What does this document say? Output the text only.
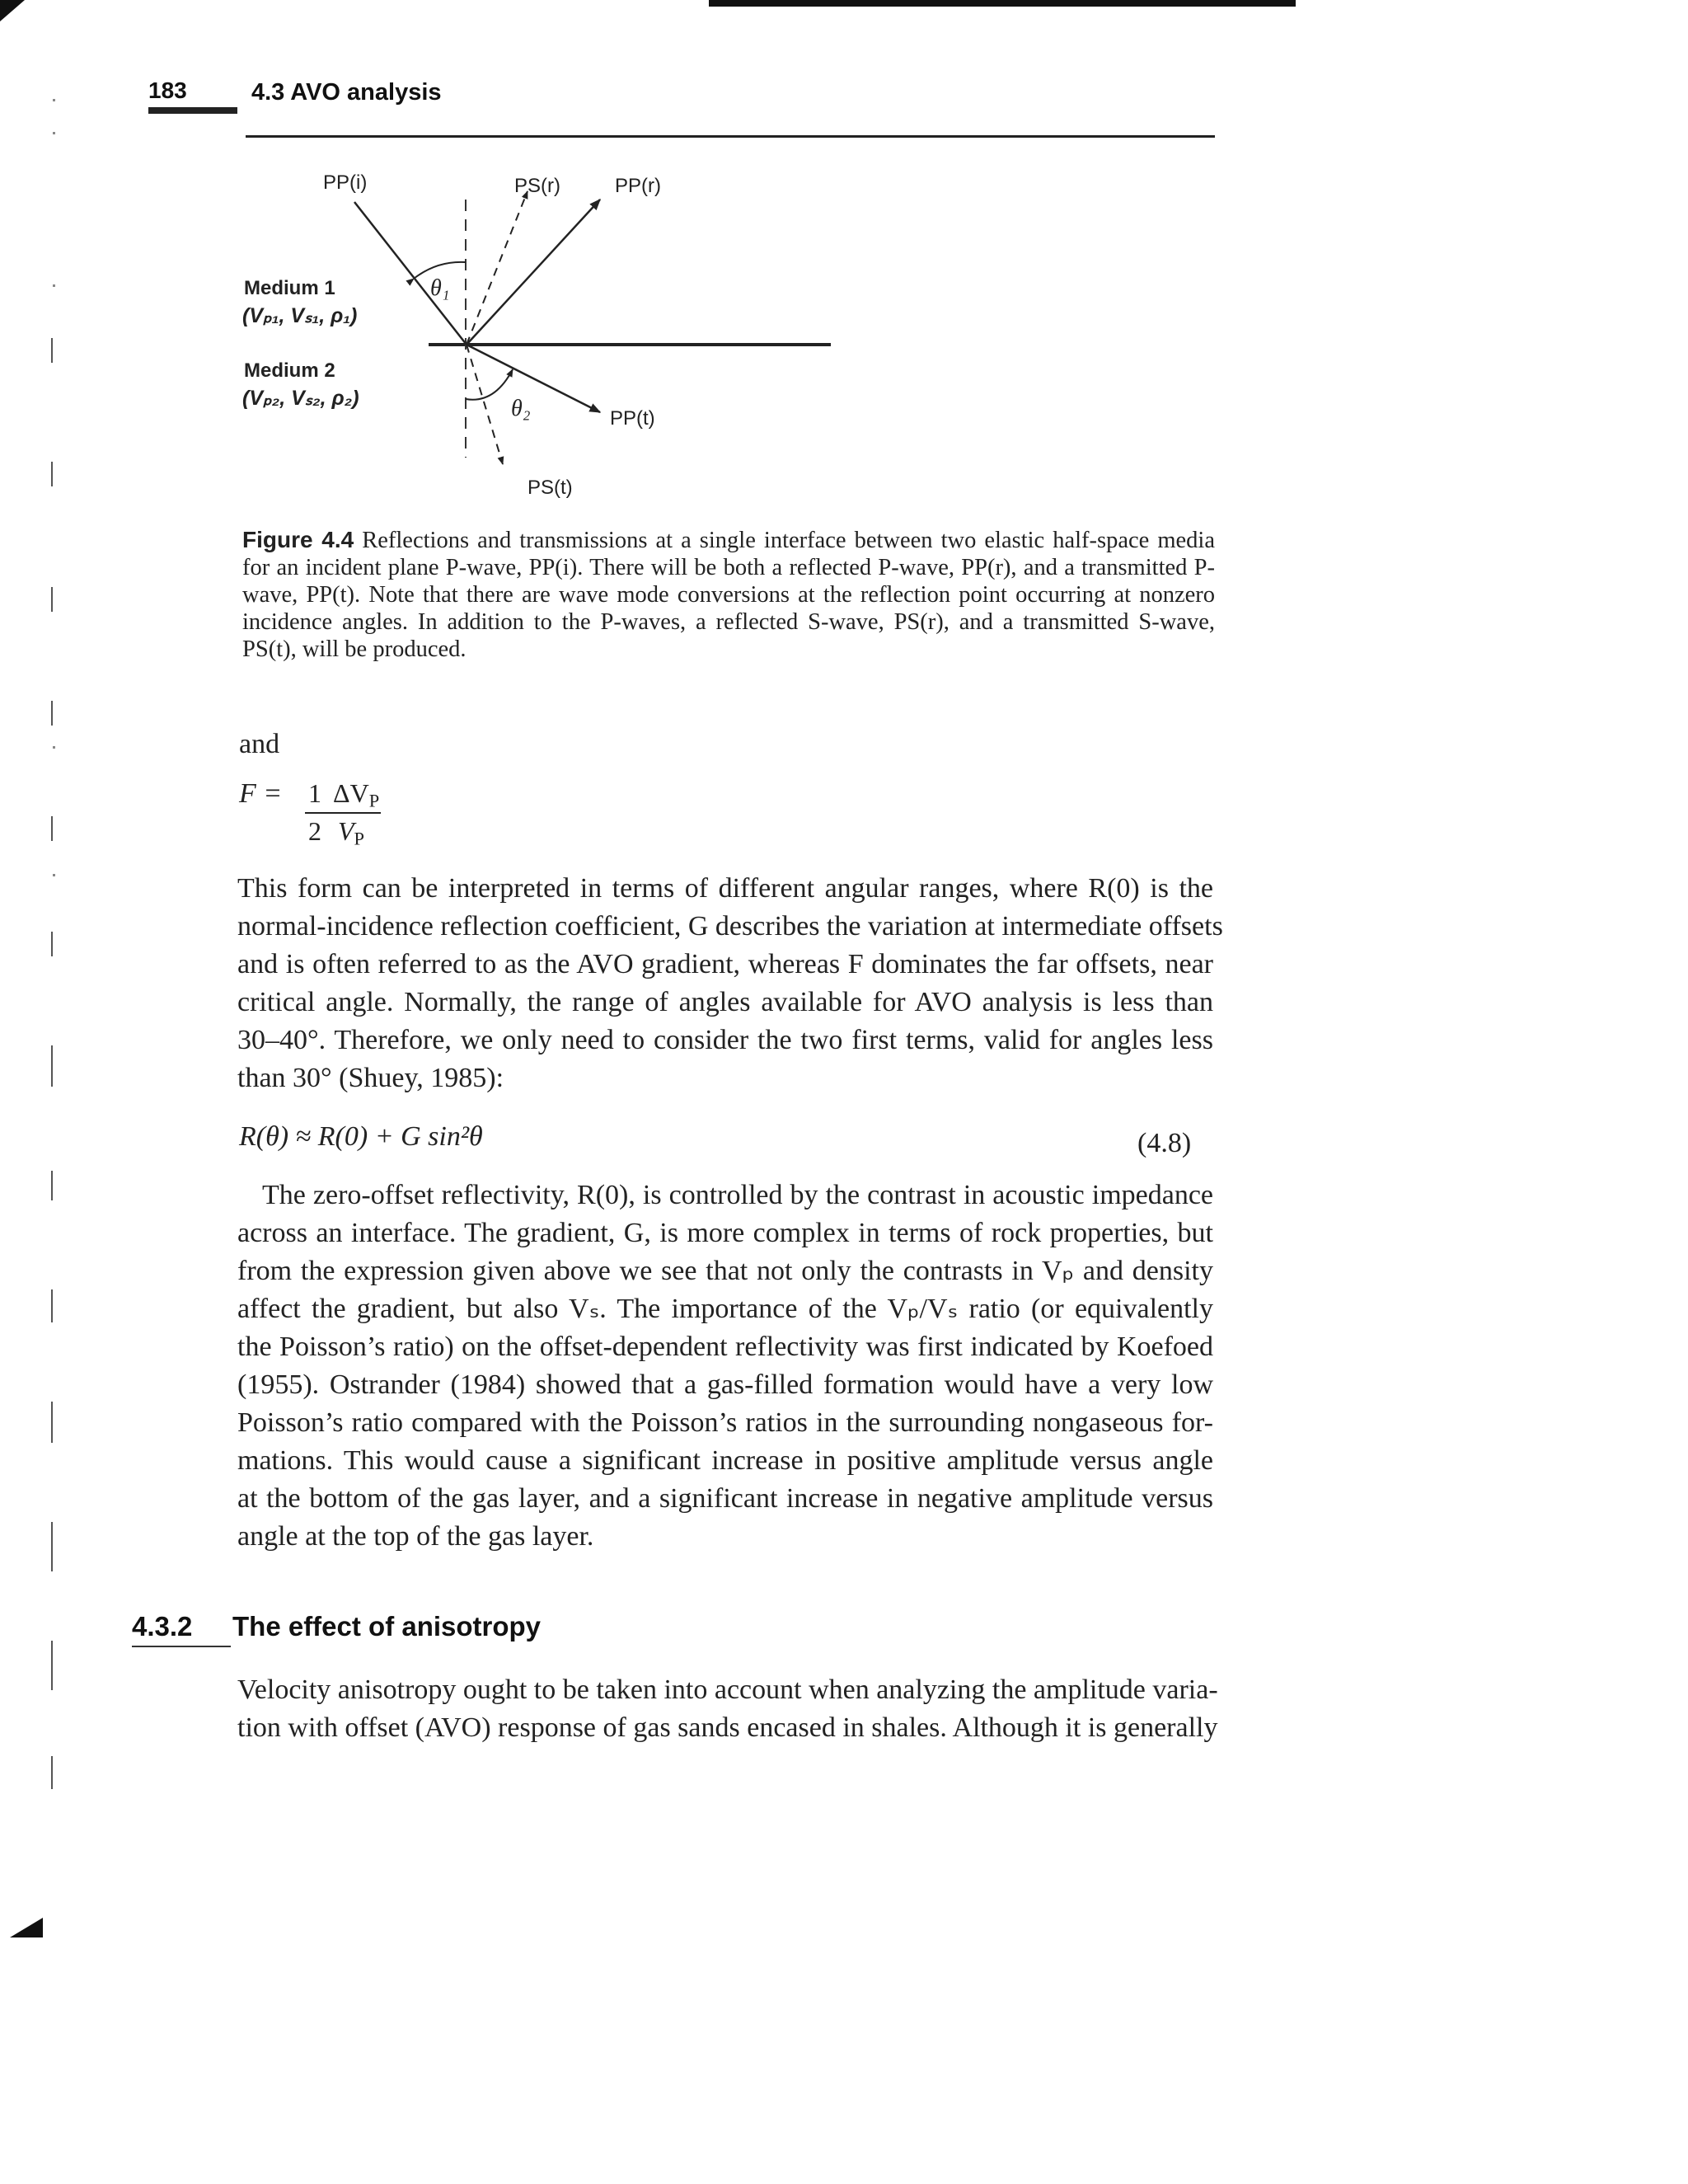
183	4.3 AVO analysis
PP(i)	PS(r)	PP(r)
PP(t)
PS(t)
Medium 1
(Vₚ₁, Vₛ₁, ρ₁)
Medium 2
(Vₚ₂, Vₛ₂, ρ₂)
θ₁
θ₂
Figure 4.4 Reflections and transmissions at a single interface between two elastic half-space media for an incident plane P-wave, PP(i). There will be both a reflected P-wave, PP(r), and a transmitted P-wave, PP(t). Note that there are wave mode conversions at the reflection point occurring at nonzero incidence angles. In addition to the P-waves, a reflected S-wave, PS(r), and a transmitted S-wave, PS(t), will be produced.
and
F = 1
2
$\Delta V_P$
$V_P$
This form can be interpreted in terms of different angular ranges, where R(0) is the
normal-incidence reflection coefficient, G describes the variation at intermediate offsets
and is often referred to as the AVO gradient, whereas F dominates the far offsets, near
critical angle. Normally, the range of angles available for AVO analysis is less than
30–40°. Therefore, we only need to consider the two first terms, valid for angles less
than 30° (Shuey, 1985):
R(θ) ≈ R(0) + G sin²θ	(4.8)
The zero-offset reflectivity, R(0), is controlled by the contrast in acoustic impedance
across an interface. The gradient, G, is more complex in terms of rock properties, but
from the expression given above we see that not only the contrasts in Vₚ and density
affect the gradient, but also Vₛ. The importance of the Vₚ/Vₛ ratio (or equivalently
the Poisson’s ratio) on the offset-dependent reflectivity was first indicated by Koefoed
(1955). Ostrander (1984) showed that a gas-filled formation would have a very low
Poisson’s ratio compared with the Poisson’s ratios in the surrounding nongaseous for-
mations. This would cause a significant increase in positive amplitude versus angle
at the bottom of the gas layer, and a significant increase in negative amplitude versus
angle at the top of the gas layer.
4.3.2 The effect of anisotropy
Velocity anisotropy ought to be taken into account when analyzing the amplitude varia-
tion with offset (AVO) response of gas sands encased in shales. Although it is generally
